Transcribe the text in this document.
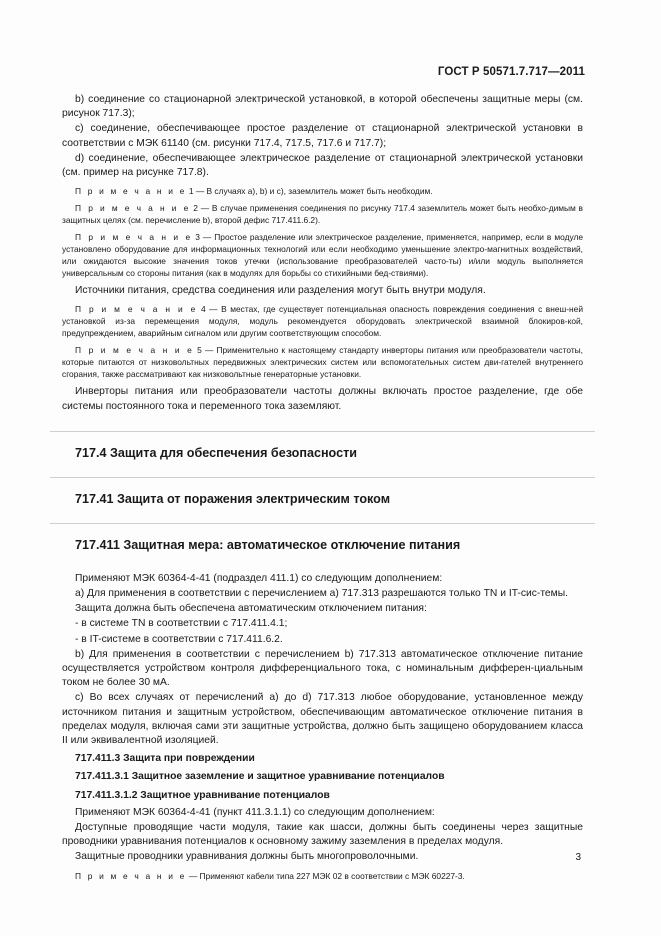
ГОСТ Р 50571.7.717—2011

b) соединение со стационарной электрической установкой, в которой обеспечены защитные меры (см. рисунок 717.3);

c) соединение, обеспечивающее простое разделение от стационарной электрической установки в соответствии с МЭК 61140 (см. рисунки 717.4, 717.5, 717.6 и 717.7);

d) соединение, обеспечивающее электрическое разделение от стационарной электрической установки (см. пример на рисунке 717.8).

П р и м е ч а н и е 1 — В случаях а), b) и с), заземлитель может быть необходим.

П р и м е ч а н и е 2 — В случае применения соединения по рисунку 717.4 заземлитель может быть необхо-димым в защитных целях (см. перечисление b), второй дефис 717.411.6.2).

П р и м е ч а н и е 3 — Простое разделение или электрическое разделение, применяется, например, если в модуле установлено оборудование для информационных технологий или если необходимо уменьшение электро-магнитных воздействий, или ожидаются высокие значения токов утечки (использование преобразователей часто-ты) и/или модуль выполняется универсальным со стороны питания (как в модулях для борьбы со стихийными бед-ствиями).

Источники питания, средства соединения или разделения могут быть внутри модуля.

П р и м е ч а н и е 4 — В местах, где существует потенциальная опасность повреждения соединения с внеш-ней установкой из-за перемещения модуля, модуль рекомендуется оборудовать электрической взаимной блокиров-кой, предупреждением, аварийным сигналом или другим соответствующим способом.

П р и м е ч а н и е 5 — Применительно к настоящему стандарту инверторы питания или преобразователи частоты, которые питаются от низковольтных передвижных электрических систем или вспомогательных систем дви-гателей внутреннего сгорания, также рассматривают как низковольтные генераторные установки.

Инверторы питания или преобразователи частоты должны включать простое разделение, где обе системы постоянного тока и переменного тока заземляют.

717.4 Защита для обеспечения безопасности

717.41 Защита от поражения электрическим током

717.411 Защитная мера: автоматическое отключение питания

Применяют МЭК 60364-4-41 (подраздел 411.1) со следующим дополнением:

а) Для применения в соответствии с перечислением а) 717.313 разрешаются только TN и IT-сис-темы.

Защита должна быть обеспечена автоматическим отключением питания:

- в системе TN в соответствии с 717.411.4.1;

- в IT-системе в соответствии с 717.411.6.2.

b) Для применения в соответствии с перечислением b) 717.313 автоматическое отключение питание осуществляется устройством контроля дифференциального тока, с номинальным дифферен-циальным током не более 30 мА.

c) Во всех случаях от перечислений а) до d) 717.313 любое оборудование, установленное между источником питания и защитным устройством, обеспечивающим автоматическое отключение питания в пределах модуля, включая сами эти защитные устройства, должно быть защищено оборудованием класса II или эквивалентной изоляцией.

717.411.3 Защита при повреждении

717.411.3.1 Защитное заземление и защитное уравнивание потенциалов

717.411.3.1.2 Защитное уравнивание потенциалов

Применяют МЭК 60364-4-41 (пункт 411.3.1.1) со следующим дополнением:

Доступные проводящие части модуля, такие как шасси, должны быть соединены через защитные проводники уравнивания потенциалов к основному зажиму заземления в пределах модуля.

Защитные проводники уравнивания должны быть многопроволочными.

П р и м е ч а н и е — Применяют кабели типа 227 МЭК 02 в соответствии с МЭК 60227-3.

3
